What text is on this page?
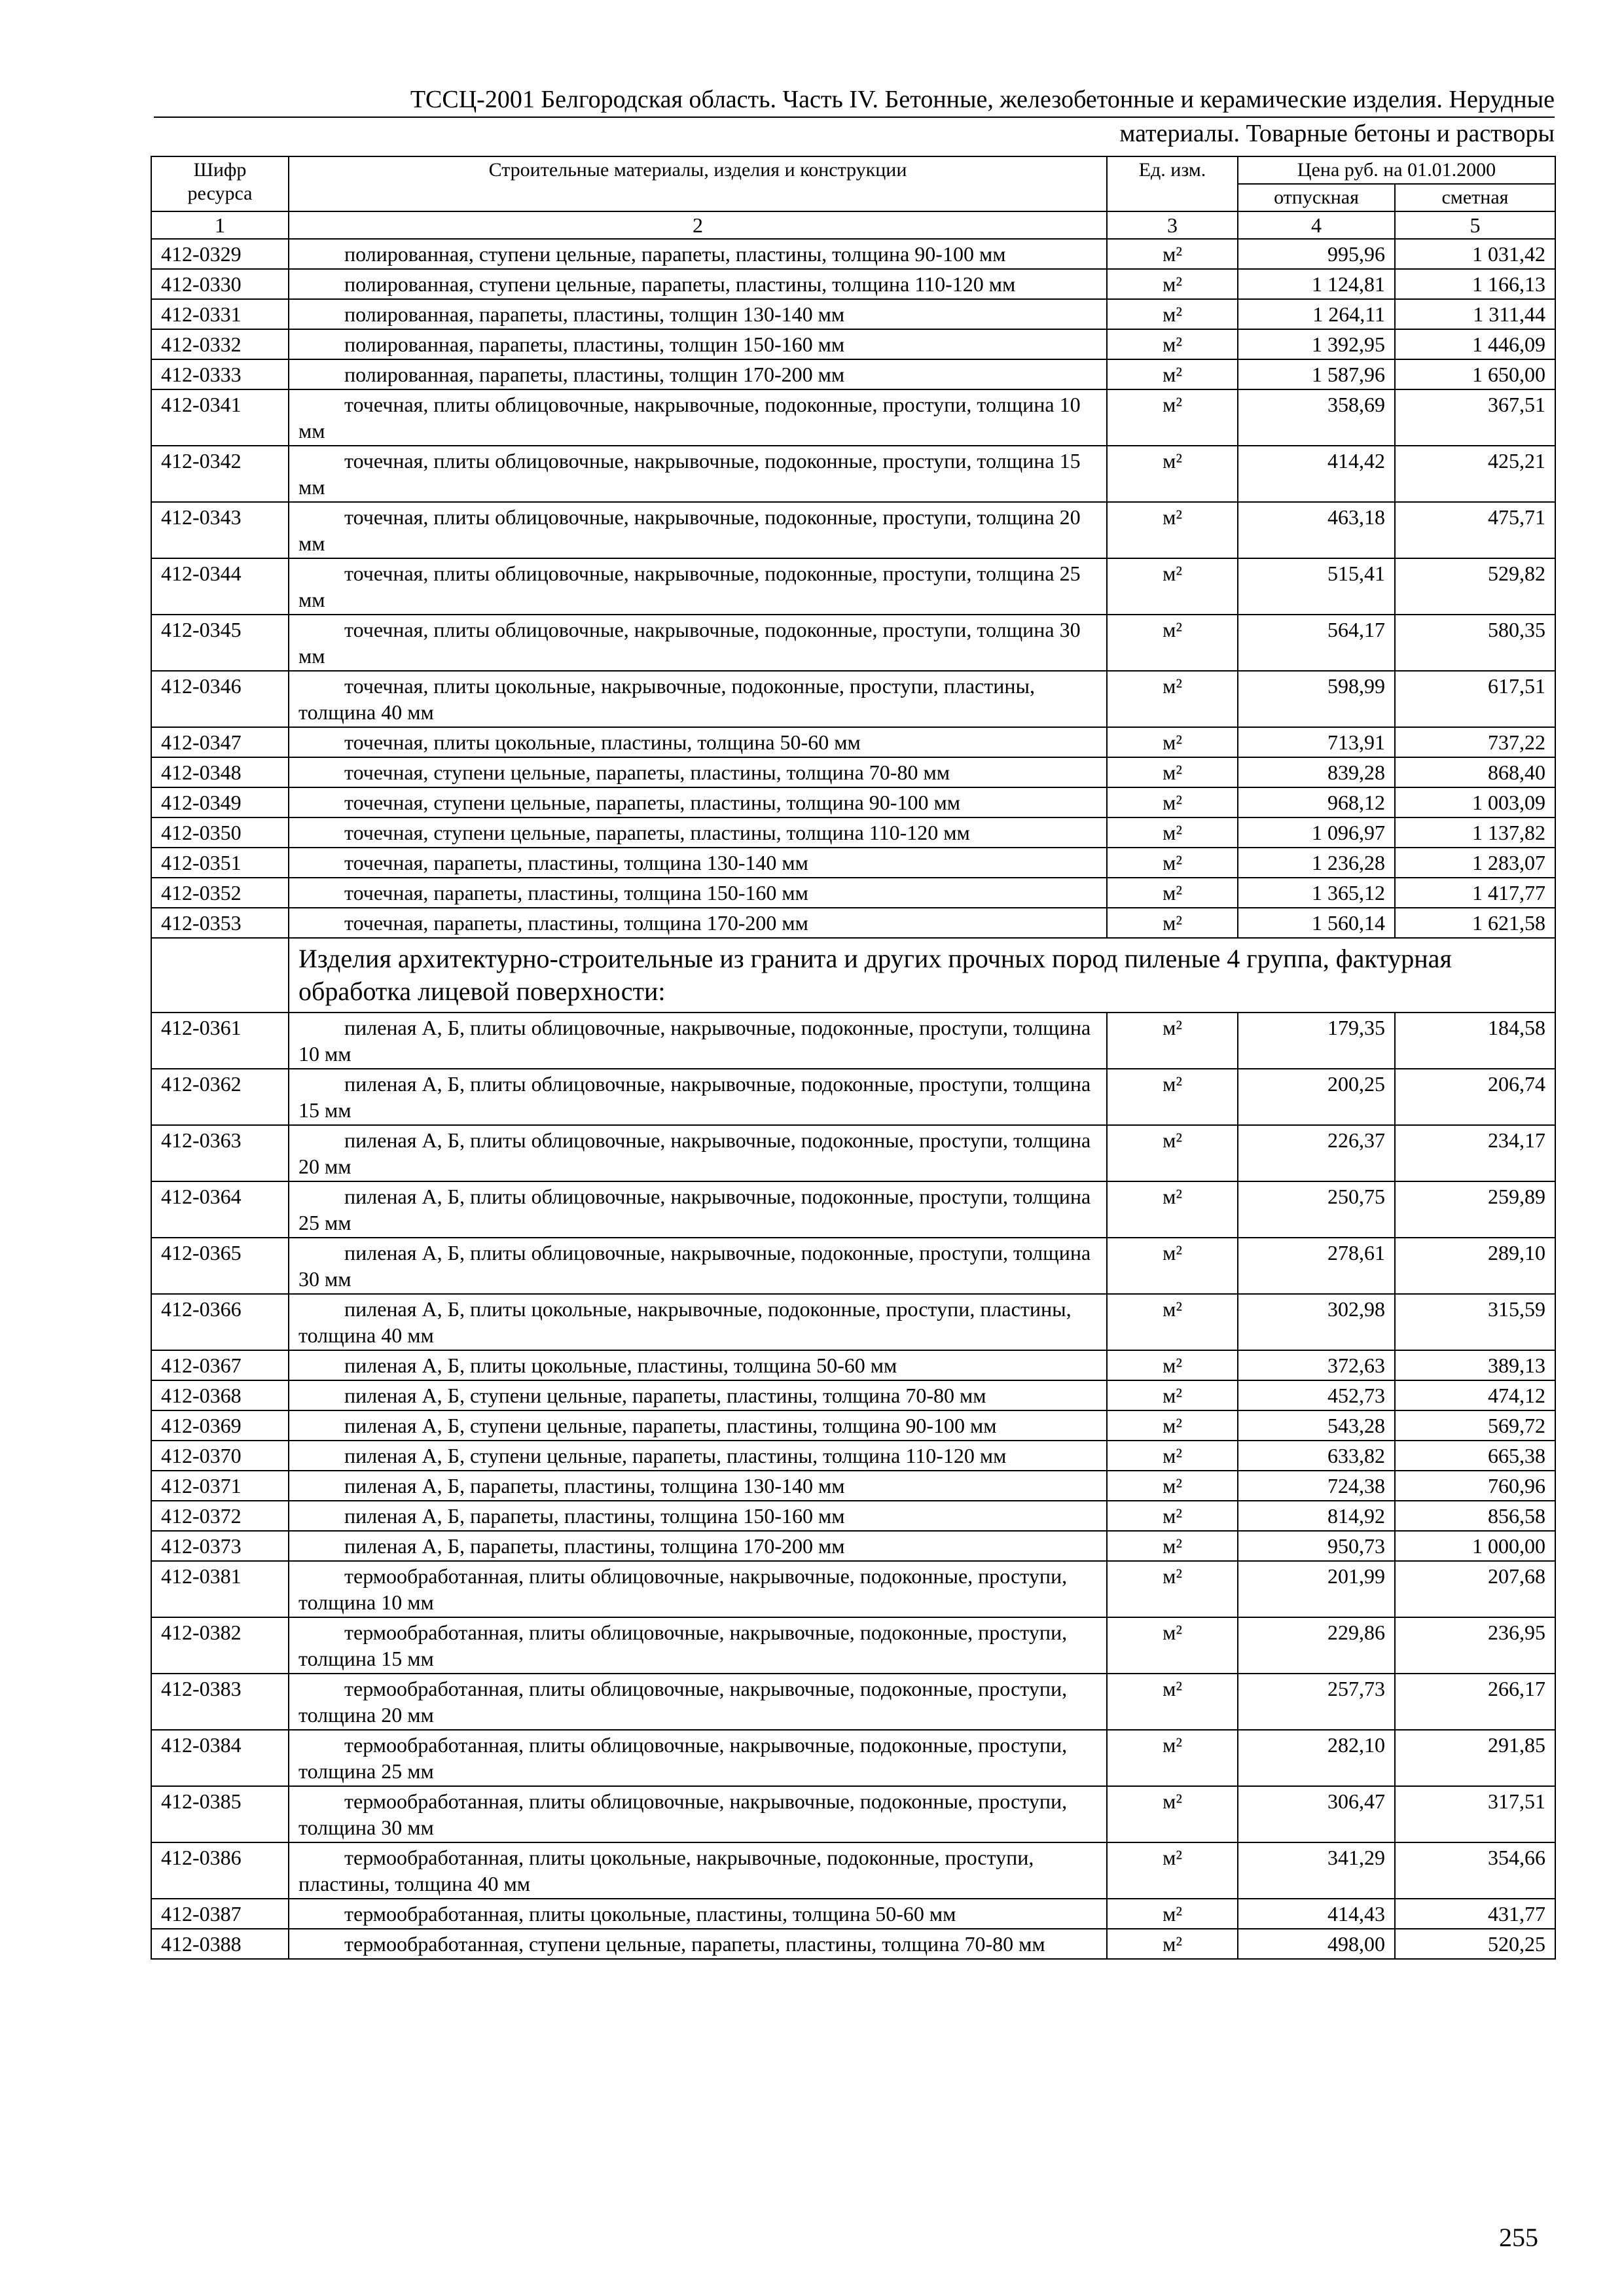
ТССЦ-2001 Белгородская область. Часть IV. Бетонные, железобетонные и керамические изделия. Нерудные
материалы. Товарные бетоны и растворы
Шифр ресурса	Строительные материалы, изделия и конструкции	Ед. изм.	Цена руб. на 01.01.2000	
			отпускная	сметная
1	2	3	4	5
412-0329	полированная, ступени цельные, парапеты, пластины, толщина 90-100 мм	м²	995,96	1 031,42
412-0330	полированная, ступени цельные, парапеты, пластины, толщина 110-120 мм	м²	1 124,81	1 166,13
412-0331	полированная, парапеты, пластины, толщин 130-140 мм	м²	1 264,11	1 311,44
412-0332	полированная, парапеты, пластины, толщин 150-160 мм	м²	1 392,95	1 446,09
412-0333	полированная, парапеты, пластины, толщин 170-200 мм	м²	1 587,96	1 650,00
412-0341	точечная, плиты облицовочные, накрывочные, подоконные, проступи, толщина 10 мм	м²	358,69	367,51
412-0342	точечная, плиты облицовочные, накрывочные, подоконные, проступи, толщина 15 мм	м²	414,42	425,21
412-0343	точечная, плиты облицовочные, накрывочные, подоконные, проступи, толщина 20 мм	м²	463,18	475,71
412-0344	точечная, плиты облицовочные, накрывочные, подоконные, проступи, толщина 25 мм	м²	515,41	529,82
412-0345	точечная, плиты облицовочные, накрывочные, подоконные, проступи, толщина 30 мм	м²	564,17	580,35
412-0346	точечная, плиты цокольные, накрывочные, подоконные, проступи, пластины, толщина 40 мм	м²	598,99	617,51
412-0347	точечная, плиты цокольные, пластины, толщина 50-60 мм	м²	713,91	737,22
412-0348	точечная, ступени цельные, парапеты, пластины, толщина 70-80 мм	м²	839,28	868,40
412-0349	точечная, ступени цельные, парапеты, пластины, толщина 90-100 мм	м²	968,12	1 003,09
412-0350	точечная, ступени цельные, парапеты, пластины, толщина 110-120 мм	м²	1 096,97	1 137,82
412-0351	точечная, парапеты, пластины, толщина 130-140 мм	м²	1 236,28	1 283,07
412-0352	точечная, парапеты, пластины, толщина 150-160 мм	м²	1 365,12	1 417,77
412-0353	точечная, парапеты, пластины, толщина 170-200 мм	м²	1 560,14	1 621,58
	Изделия архитектурно-строительные из гранита и других прочных пород пиленые 4 группа, фактурная обработка лицевой поверхности:			
412-0361	пиленая А, Б, плиты облицовочные, накрывочные, подоконные, проступи, толщина 10 мм	м²	179,35	184,58
412-0362	пиленая А, Б, плиты облицовочные, накрывочные, подоконные, проступи, толщина 15 мм	м²	200,25	206,74
412-0363	пиленая А, Б, плиты облицовочные, накрывочные, подоконные, проступи, толщина 20 мм	м²	226,37	234,17
412-0364	пиленая А, Б, плиты облицовочные, накрывочные, подоконные, проступи, толщина 25 мм	м²	250,75	259,89
412-0365	пиленая А, Б, плиты облицовочные, накрывочные, подоконные, проступи, толщина 30 мм	м²	278,61	289,10
412-0366	пиленая А, Б, плиты цокольные, накрывочные, подоконные, проступи, пластины, толщина 40 мм	м²	302,98	315,59
412-0367	пиленая А, Б, плиты цокольные, пластины, толщина 50-60 мм	м²	372,63	389,13
412-0368	пиленая А, Б, ступени цельные, парапеты, пластины, толщина 70-80 мм	м²	452,73	474,12
412-0369	пиленая А, Б, ступени цельные, парапеты, пластины, толщина 90-100 мм	м²	543,28	569,72
412-0370	пиленая А, Б, ступени цельные, парапеты, пластины, толщина 110-120 мм	м²	633,82	665,38
412-0371	пиленая А, Б, парапеты, пластины, толщина 130-140 мм	м²	724,38	760,96
412-0372	пиленая А, Б, парапеты, пластины, толщина 150-160 мм	м²	814,92	856,58
412-0373	пиленая А, Б, парапеты, пластины, толщина 170-200 мм	м²	950,73	1 000,00
412-0381	термообработанная, плиты облицовочные, накрывочные, подоконные, проступи, толщина 10 мм	м²	201,99	207,68
412-0382	термообработанная, плиты облицовочные, накрывочные, подоконные, проступи, толщина 15 мм	м²	229,86	236,95
412-0383	термообработанная, плиты облицовочные, накрывочные, подоконные, проступи, толщина 20 мм	м²	257,73	266,17
412-0384	термообработанная, плиты облицовочные, накрывочные, подоконные, проступи, толщина 25 мм	м²	282,10	291,85
412-0385	термообработанная, плиты облицовочные, накрывочные, подоконные, проступи, толщина 30 мм	м²	306,47	317,51
412-0386	термообработанная, плиты цокольные, накрывочные, подоконные, проступи, пластины, толщина 40 мм	м²	341,29	354,66
412-0387	термообработанная, плиты цокольные, пластины, толщина 50-60 мм	м²	414,43	431,77
412-0388	термообработанная, ступени цельные, парапеты, пластины, толщина 70-80 мм	м²	498,00	520,25
255
